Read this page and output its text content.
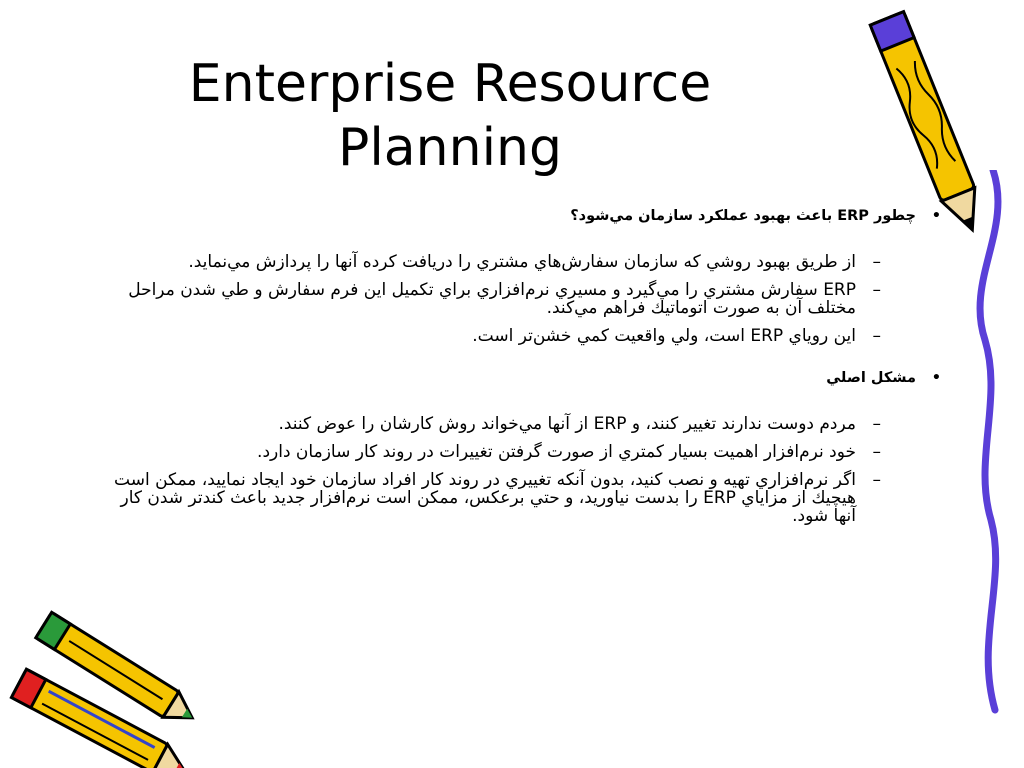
Enterprise Resource Planning
•
چطور ERP باعث بهبود عملكرد سازمان مي‌شود؟
–
از طريق بهبود روشي كه سازمان سفارش‌هاي مشتري را دريافت كرده آنها را پردازش مي‌نمايد.
–
ERP سفارش مشتري را مي‌گيرد و مسيري نرم‌افزاري براي تكميل اين فرم سفارش و طي شدن مراحل مختلف آن به صورت اتوماتيك فراهم مي‌كند.
–
اين روياي ERP است، ولي واقعيت كمي خشن‌تر است.
•
مشكل اصلي
–
مردم دوست ندارند تغيير كنند، و ERP از آنها مي‌خواند روش كارشان را عوض كنند.
–
خود نرم‌افزار اهميت بسيار كمتري از صورت گرفتن تغييرات در روند كار سازمان دارد.
–
اگر نرم‌افزاري تهيه و نصب كنيد، بدون آنكه تغييري در روند كار افراد سازمان خود ايجاد نماييد، ممكن است هيچيك از مزاياي ERP را بدست نياوريد، و حتي برعكس، ممكن است نرم‌افزار جديد باعث كندتر شدن كار آنها شود.
